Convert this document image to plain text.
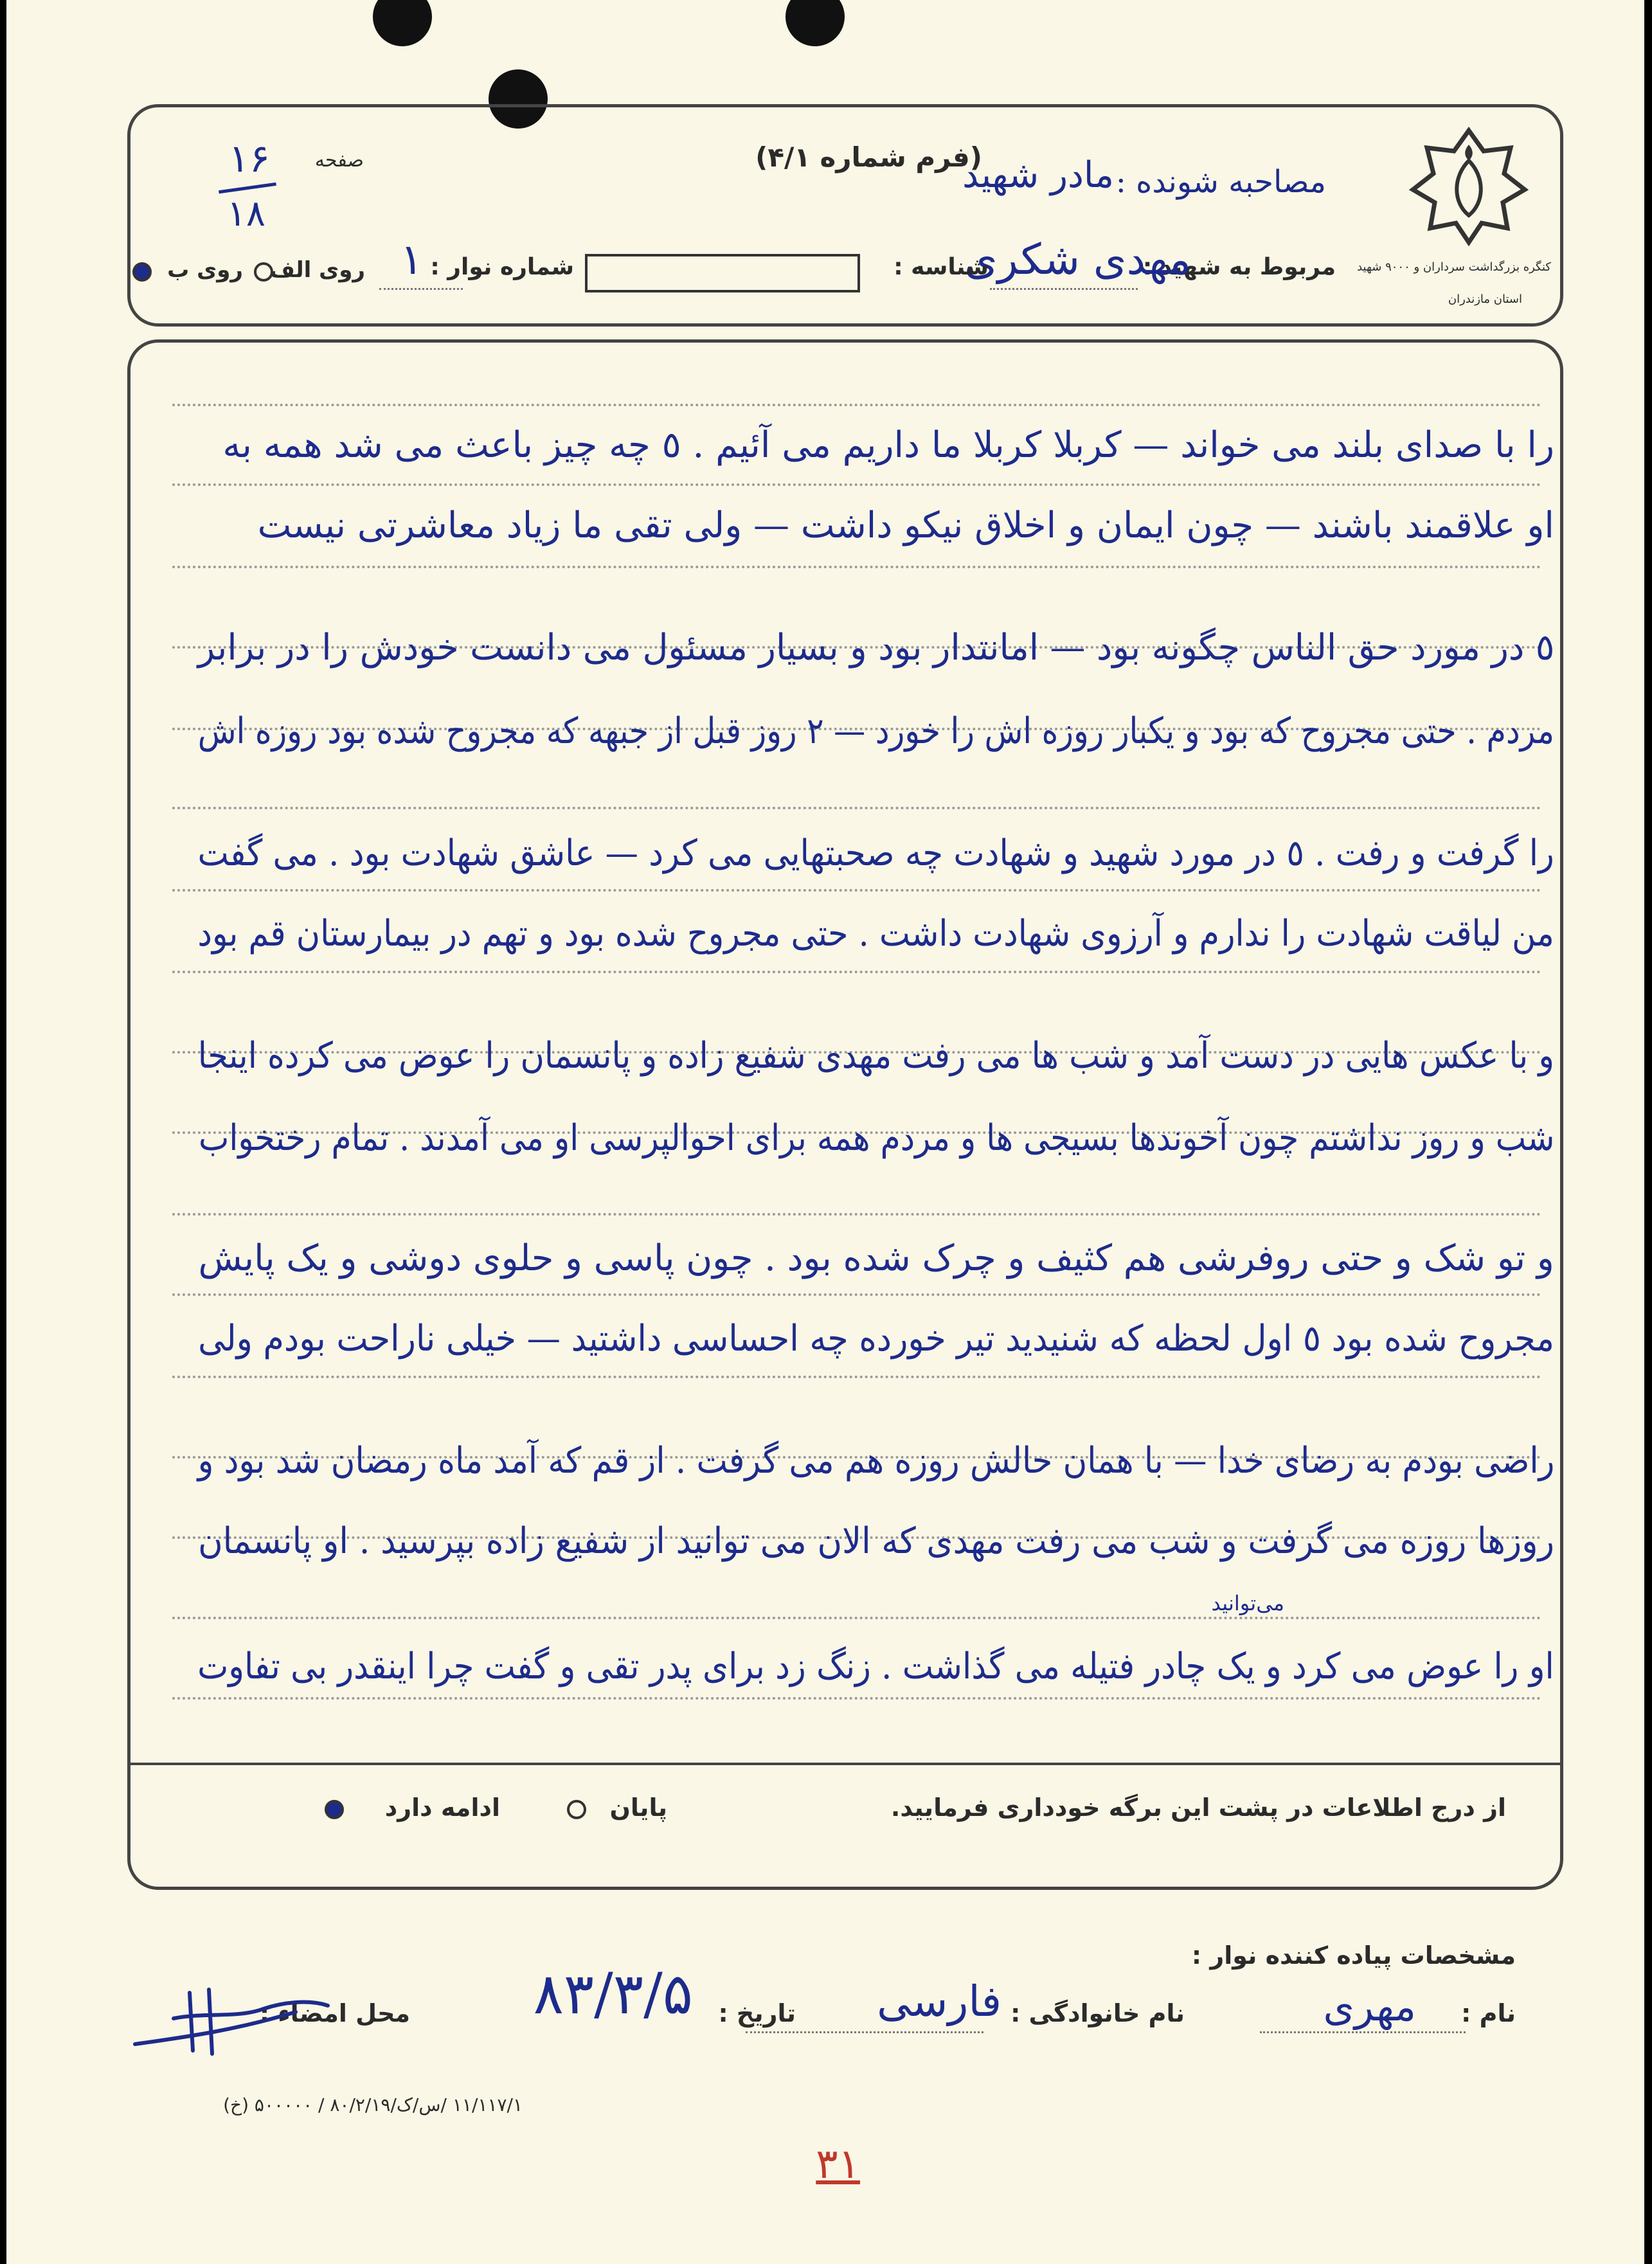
کنگره بزرگداشت سرداران و ۹۰۰۰ شهید
استان مازندران
مصاحبه شونده :
مادر شهید
(فرم شماره ۴/۱)
صفحه
۱۶
۱۸
مربوط به شهید :
مهدی شکری
شناسه :
شماره نوار :
۱
روی الف
روی ب
را با صدای بلند می خواند — کربلا کربلا ما داریم می آئیم . ٥ چه چیز باعث می شد همه به
او علاقمند باشند — چون ایمان و اخلاق نیکو داشت — ولی تقی ما زیاد معاشرتی نیست
٥ در مورد حق الناس چگونه بود — امانتدار بود و بسیار مسئول می دانست خودش را در برابر
مردم . حتی مجروح که بود و یکبار روزه اش را خورد — ۲ روز قبل از جبهه که مجروح شده بود روزه اش
را گرفت و رفت . ٥ در مورد شهید و شهادت چه صحبتهایی می کرد — عاشق شهادت بود . می گفت
من لیاقت شهادت را ندارم و آرزوی شهادت داشت . حتی مجروح شده بود و تهم در بیمارستان قم بود
و با عکس هایی در دست آمد و شب ها می رفت مهدی شفیع زاده و پانسمان را عوض می کرده اینجا
شب و روز نداشتم چون آخوندها بسیجی ها و مردم همه برای احوالپرسی او می آمدند . تمام رختخواب
و تو شک و حتی روفرشی هم کثیف و چرک شده بود . چون پاسی و حلوی دوشی و یک پایش
مجروح شده بود ٥ اول لحظه که شنیدید تیر خورده چه احساسی داشتید — خیلی ناراحت بودم ولی
راضی بودم به رضای خدا — با همان حالش روزه هم می گرفت . از قم که آمد ماه رمضان شد بود و
روزها روزه می گرفت و شب می رفت مهدی که الان می توانید از شفیع زاده بپرسید . او پانسمان
می‌توانید
او را عوض می کرد و یک چادر فتیله می گذاشت . زنگ زد برای پدر تقی و گفت چرا اینقدر بی تفاوت
از درج اطلاعات در پشت این برگه خودداری فرمایید.
پایان
ادامه دارد
مشخصات پیاده کننده نوار :
نام :
مهری
نام خانوادگی :
فارسی
تاریخ :
۸۳/۳/۵
محل امضاء :
۱۱/۱۱۷/۱ /س/ک/۸۰/۲/۱۹ / ۵۰۰۰۰۰ (خ)
۳۱
